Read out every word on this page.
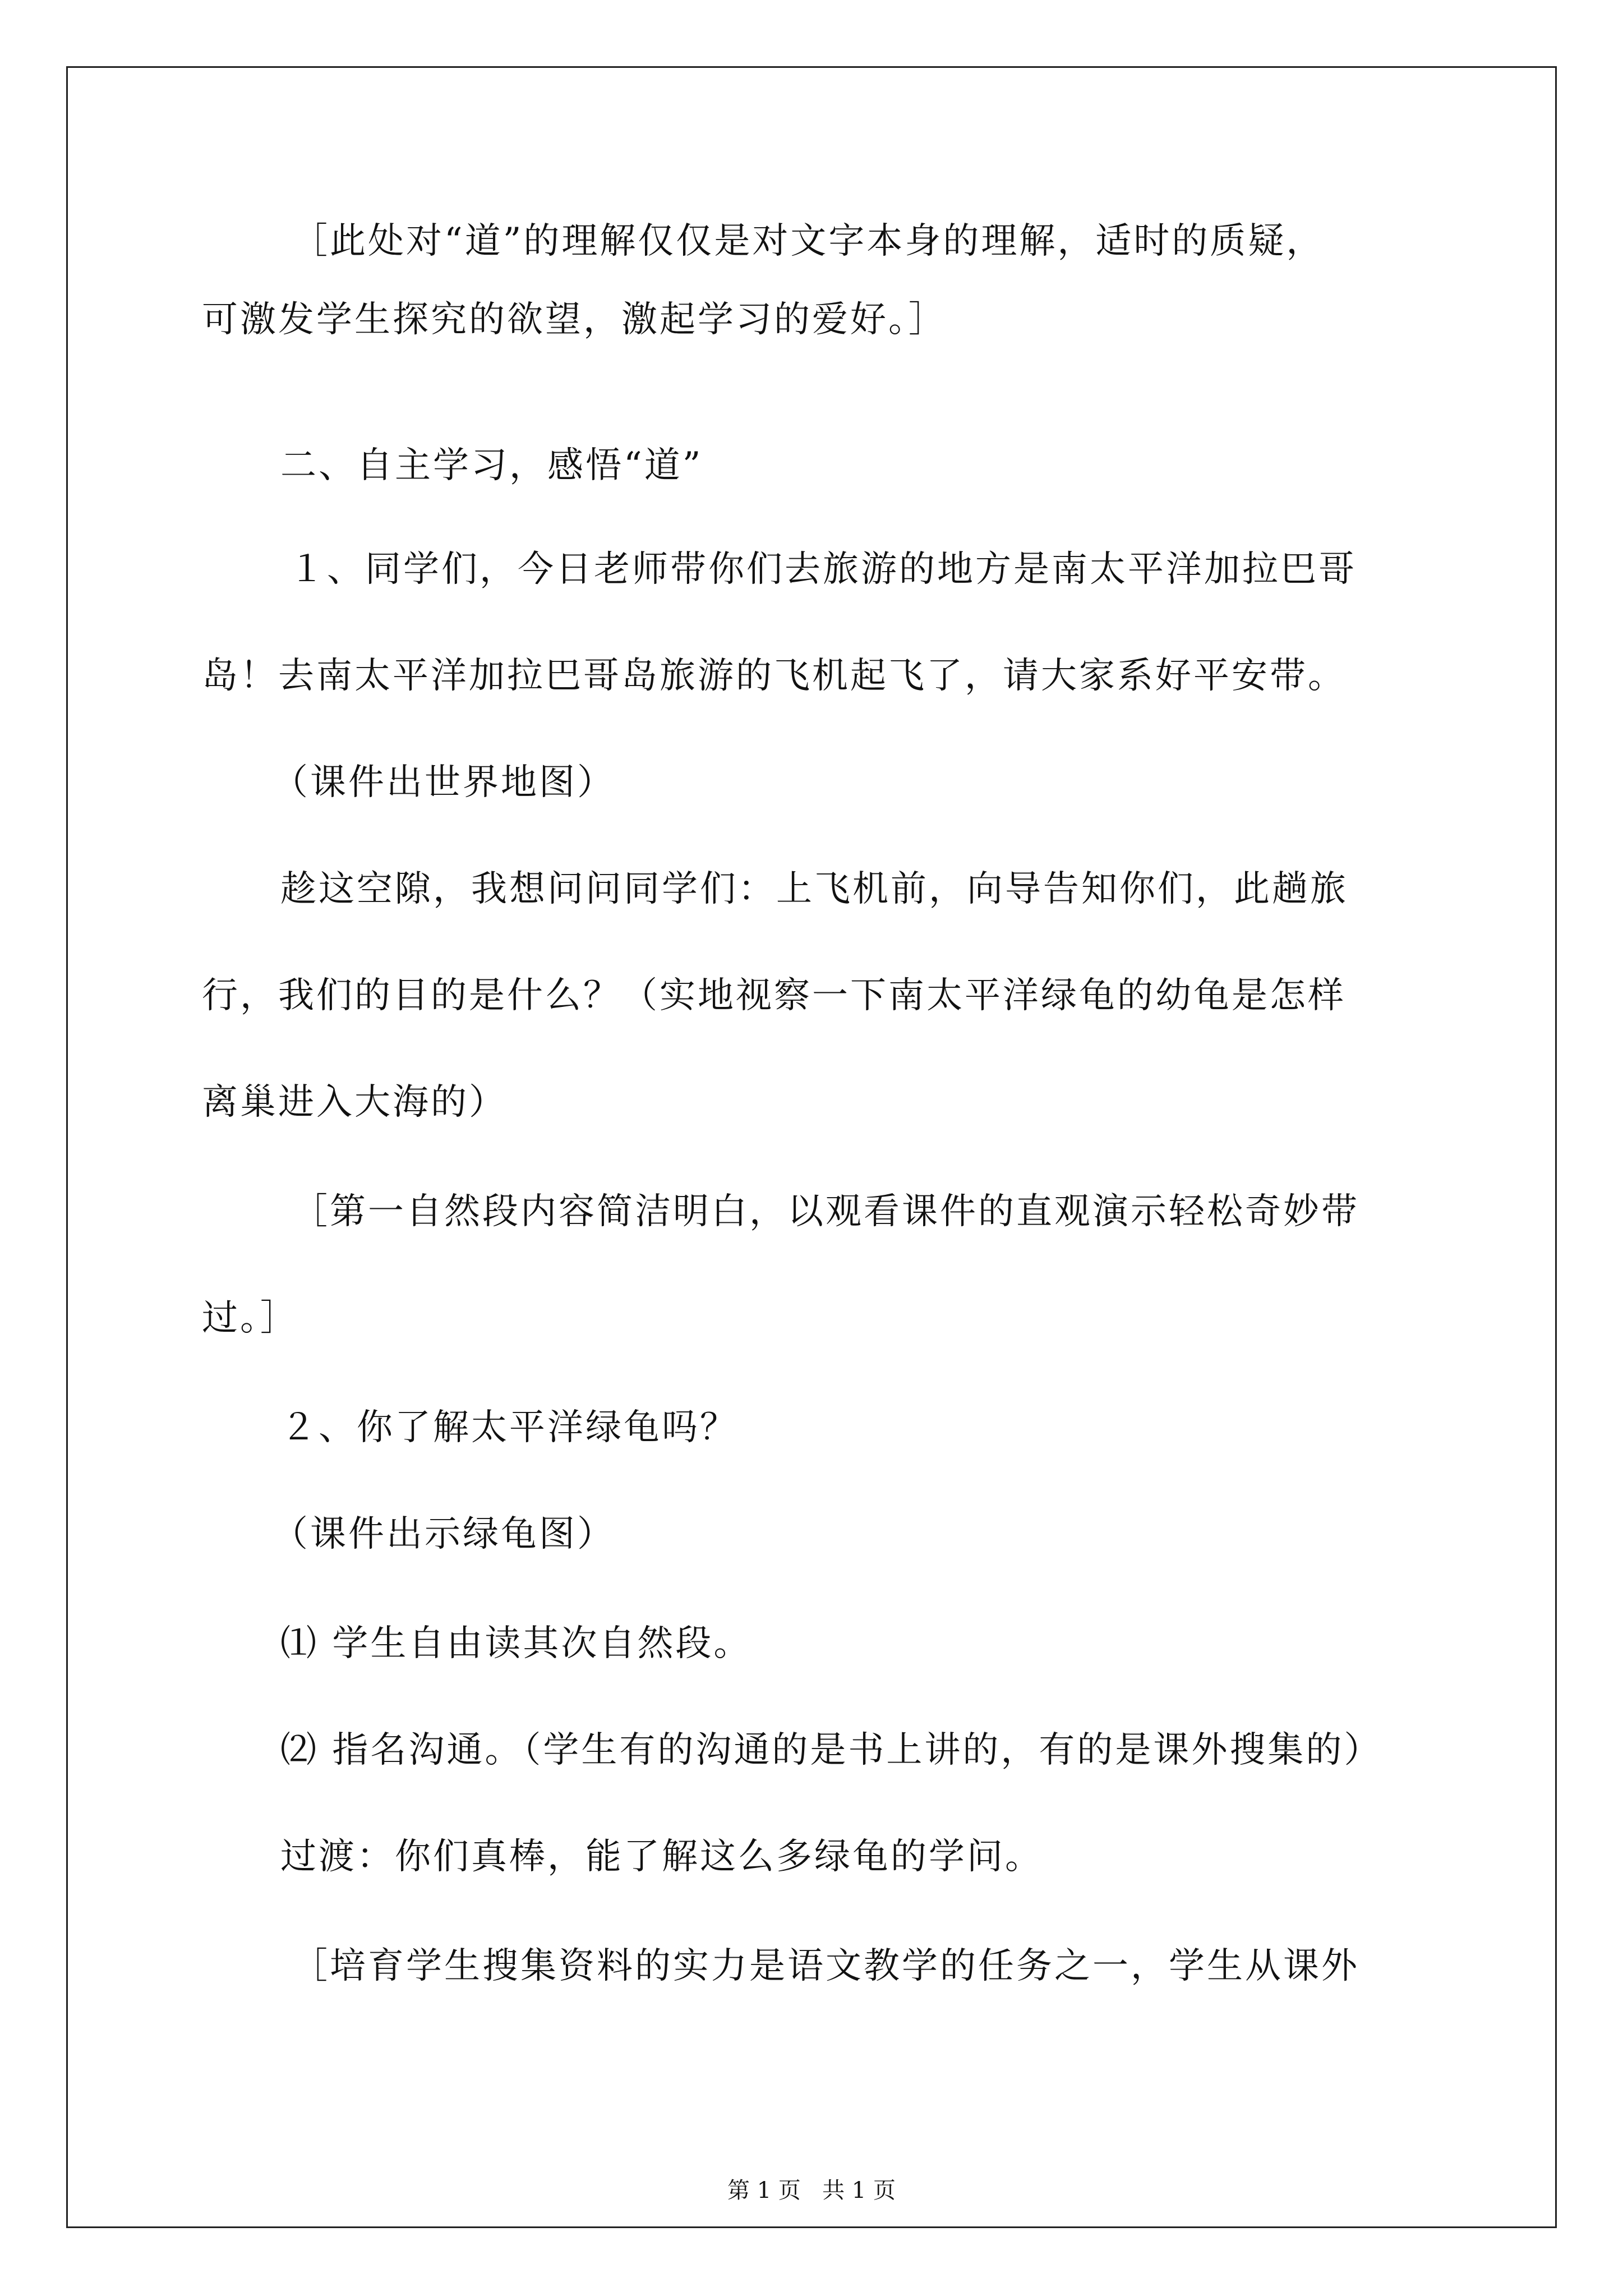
［此处对“道”的理解仅仅是对文字本身的理解，适时的质疑，
可激发学生探究的欲望，激起学习的爱好。］
二、自主学习，感悟“道”
１、同学们，今日老师带你们去旅游的地方是南太平洋加拉巴哥
岛！去南太平洋加拉巴哥岛旅游的飞机起飞了，请大家系好平安带。
（课件出世界地图）
趁这空隙，我想问问同学们：上飞机前，向导告知你们，此趟旅
行，我们的目的是什么？（实地视察一下南太平洋绿龟的幼龟是怎样
离巢进入大海的）
［第一自然段内容简洁明白，以观看课件的直观演示轻松奇妙带
过。］
２、你了解太平洋绿龟吗？
（课件出示绿龟图）
⑴ 学生自由读其次自然段。
⑵ 指名沟通。（学生有的沟通的是书上讲的，有的是课外搜集的）
过渡：你们真棒，能了解这么多绿龟的学问。
［培育学生搜集资料的实力是语文教学的任务之一，学生从课外
第 1 页   共 1 页
